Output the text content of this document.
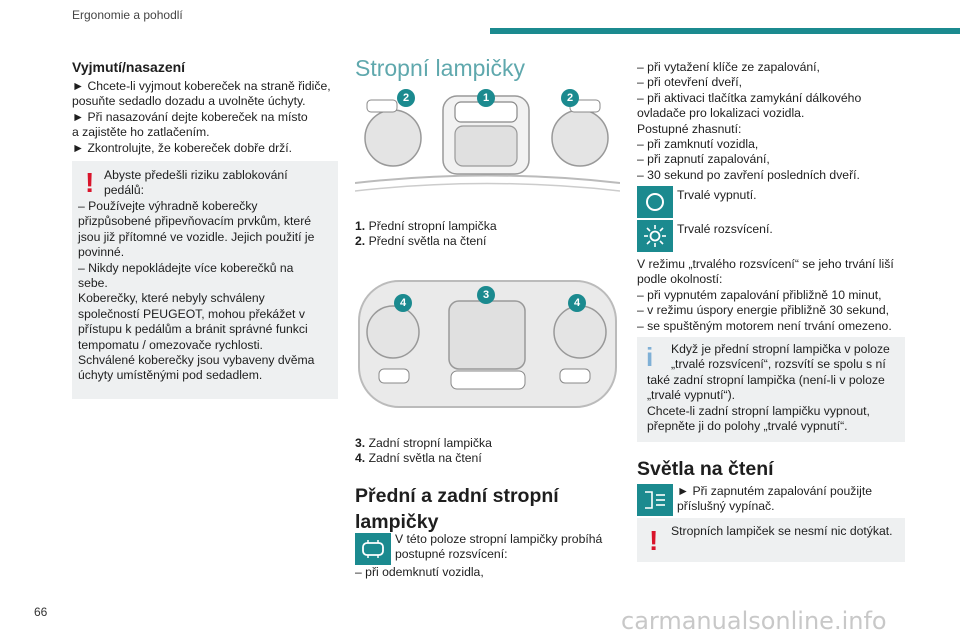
Ergonomie a pohodlí
Vyjmutí/nasazení

► Chcete-li vyjmout kobereček na straně řidiče,

posuňte sedadlo dozadu a uvolněte úchyty.

► Při nasazování dejte kobereček na místo

a zajistěte ho zatlačením.

► Zkontrolujte, že kobereček dobře drží.

! Abyste předešli riziku zablokování

pedálů:

– Používejte výhradně koberečky

přizpůsobené připevňovacím prvkům, které

jsou již přítomné ve vozidle. Jejich použití je

povinné.

– Nikdy nepokládejte více koberečků na

sebe.

Koberečky, které nebyly schváleny

společností PEUGEOT, mohou překážet v

přístupu k pedálům a bránit správné funkci

tempomatu / omezovače rychlosti.

Schválené koberečky jsou vybaveny dvěma

úchyty umístěnými pod sedadlem.

Stropní lampičky
1
2	2

1. Přední stropní lampička

2. Přední světla na čtení

3
4	4

3. Zadní stropní lampička

4. Zadní světla na čtení

Přední a zadní stropní
lampičky

V této poloze stropní lampičky probíhá

postupné rozsvícení:

– při odemknutí vozidla,

– při vytažení klíče ze zapalování,

– při otevření dveří,

– při aktivaci tlačítka zamykání dálkového

ovladače pro lokalizaci vozidla.

Postupné zhasnutí:

– při zamknutí vozidla,

– při zapnutí zapalování,

– 30 sekund po zavření posledních dveří.

Trvalé vypnutí.
Trvalé rozsvícení.

V režimu „trvalého rozsvícení“ se jeho trvání liší

podle okolností:

– při vypnutém zapalování přibližně 10 minut,

– v režimu úspory energie přibližně 30 sekund,

– se spuštěným motorem není trvání omezeno.

i Když je přední stropní lampička v poloze

„trvalé rozsvícení“, rozsvítí se spolu s ní

také zadní stropní lampička (není-li v poloze

„trvalé vypnutí“).

Chcete-li zadní stropní lampičku vypnout,

přepněte ji do polohy „trvalé vypnutí“.

Světla na čtení

► Při zapnutém zapalování použijte

příslušný vypínač.

! Stropních lampiček se nesmí nic dotýkat.
66	carmanualsonline.info
